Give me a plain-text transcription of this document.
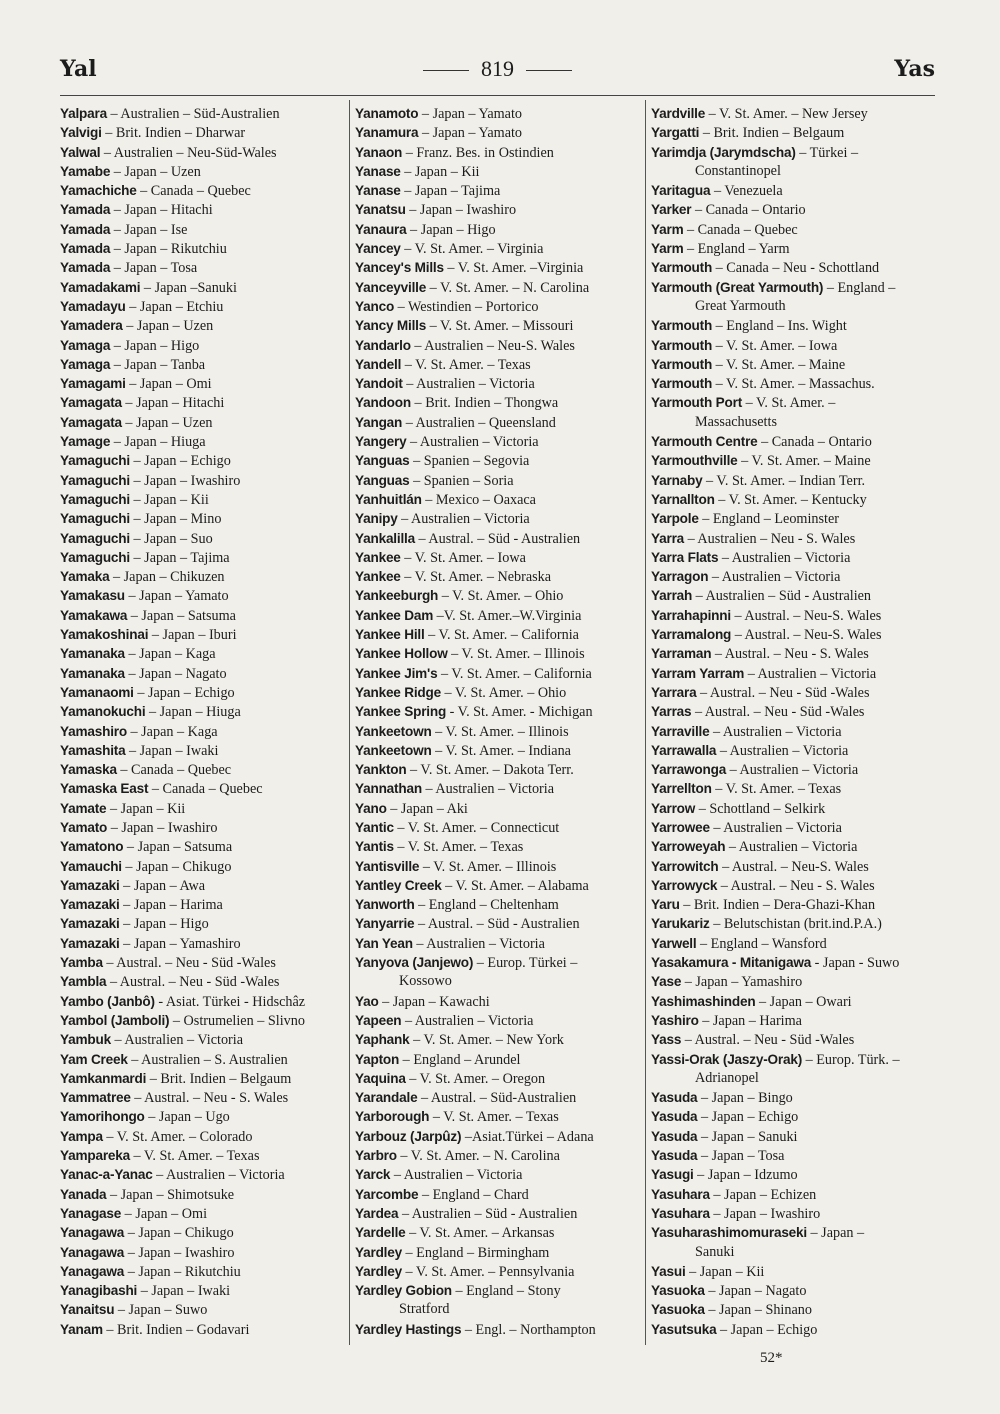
Yal	819	Yas
Yalpara – Australien – Süd-Australien
Yalvigi – Brit. Indien – Dharwar
Yalwal – Australien – Neu-Süd-Wales
Yamabe – Japan – Uzen
Yamachiche – Canada – Quebec
Yamada – Japan – Hitachi
Yamada – Japan – Ise
Yamada – Japan – Rikutchiu
Yamada – Japan – Tosa
Yamadakami – Japan –Sanuki
Yamadayu – Japan – Etchiu
Yamadera – Japan – Uzen
Yamaga – Japan – Higo
Yamaga – Japan – Tanba
Yamagami – Japan – Omi
Yamagata – Japan – Hitachi
Yamagata – Japan – Uzen
Yamage – Japan – Hiuga
Yamaguchi – Japan – Echigo
Yamaguchi – Japan – Iwashiro
Yamaguchi – Japan – Kii
Yamaguchi – Japan – Mino
Yamaguchi – Japan – Suo
Yamaguchi – Japan – Tajima
Yamaka – Japan – Chikuzen
Yamakasu – Japan – Yamato
Yamakawa – Japan – Satsuma
Yamakoshinai – Japan – Iburi
Yamanaka – Japan – Kaga
Yamanaka – Japan – Nagato
Yamanaomi – Japan – Echigo
Yamanokuchi – Japan – Hiuga
Yamashiro – Japan – Kaga
Yamashita – Japan – Iwaki
Yamaska – Canada – Quebec
Yamaska East – Canada – Quebec
Yamate – Japan – Kii
Yamato – Japan – Iwashiro
Yamatono – Japan – Satsuma
Yamauchi – Japan – Chikugo
Yamazaki – Japan – Awa
Yamazaki – Japan – Harima
Yamazaki – Japan – Higo
Yamazaki – Japan – Yamashiro
Yamba – Austral. – Neu - Süd -Wales
Yambla – Austral. – Neu - Süd -Wales
Yambo (Janbô) - Asiat. Türkei - Hidschâz
Yambol (Jamboli) – Ostrumelien – Slivno
Yambuk – Australien – Victoria
Yam Creek – Australien – S. Australien
Yamkanmardi – Brit. Indien – Belgaum
Yammatree – Austral. – Neu - S. Wales
Yamorihongo – Japan – Ugo
Yampa – V. St. Amer. – Colorado
Yampareka – V. St. Amer. – Texas
Yanac-a-Yanac – Australien – Victoria
Yanada – Japan – Shimotsuke
Yanagase – Japan – Omi
Yanagawa – Japan – Chikugo
Yanagawa – Japan – Iwashiro
Yanagawa – Japan – Rikutchiu
Yanagibashi – Japan – Iwaki
Yanaitsu – Japan – Suwo
Yanam – Brit. Indien – Godavari
Yanamoto – Japan – Yamato
Yanamura – Japan – Yamato
Yanaon – Franz. Bes. in Ostindien
Yanase – Japan – Kii
Yanase – Japan – Tajima
Yanatsu – Japan – Iwashiro
Yanaura – Japan – Higo
Yancey – V. St. Amer. – Virginia
Yancey's Mills – V. St. Amer. –Virginia
Yanceyville – V. St. Amer. – N. Carolina
Yanco – Westindien – Portorico
Yancy Mills – V. St. Amer. – Missouri
Yandarlo – Australien – Neu-S. Wales
Yandell – V. St. Amer. – Texas
Yandoit – Australien – Victoria
Yandoon – Brit. Indien – Thongwa
Yangan – Australien – Queensland
Yangery – Australien – Victoria
Yanguas – Spanien – Segovia
Yanguas – Spanien – Soria
Yanhuitlán – Mexico – Oaxaca
Yanipy – Australien – Victoria
Yankalilla – Austral. – Süd - Australien
Yankee – V. St. Amer. – Iowa
Yankee – V. St. Amer. – Nebraska
Yankeeburgh – V. St. Amer. – Ohio
Yankee Dam –V. St. Amer.–W.Virginia
Yankee Hill – V. St. Amer. – California
Yankee Hollow – V. St. Amer. – Illinois
Yankee Jim's – V. St. Amer. – California
Yankee Ridge – V. St. Amer. – Ohio
Yankee Spring - V. St. Amer. - Michigan
Yankeetown – V. St. Amer. – Illinois
Yankeetown – V. St. Amer. – Indiana
Yankton – V. St. Amer. – Dakota Terr.
Yannathan – Australien – Victoria
Yano – Japan – Aki
Yantic – V. St. Amer. – Connecticut
Yantis – V. St. Amer. – Texas
Yantisville – V. St. Amer. – Illinois
Yantley Creek – V. St. Amer. – Alabama
Yanworth – England – Cheltenham
Yanyarrie – Austral. – Süd - Australien
Yan Yean – Australien – Victoria
Yanyova (Janjewo) – Europ. Türkei –
Kossowo
Yao – Japan – Kawachi
Yapeen – Australien – Victoria
Yaphank – V. St. Amer. – New York
Yapton – England – Arundel
Yaquina – V. St. Amer. – Oregon
Yarandale – Austral. – Süd-Australien
Yarborough – V. St. Amer. – Texas
Yarbouz (Jarpûz) –Asiat.Türkei – Adana
Yarbro – V. St. Amer. – N. Carolina
Yarck – Australien – Victoria
Yarcombe – England – Chard
Yardea – Australien – Süd - Australien
Yardelle – V. St. Amer. – Arkansas
Yardley – England – Birmingham
Yardley – V. St. Amer. – Pennsylvania
Yardley Gobion – England – Stony
Stratford
Yardley Hastings – Engl. – Northampton
Yardville – V. St. Amer. – New Jersey
Yargatti – Brit. Indien – Belgaum
Yarimdja (Jarymdscha) – Türkei –
Constantinopel
Yaritagua – Venezuela
Yarker – Canada – Ontario
Yarm – Canada – Quebec
Yarm – England – Yarm
Yarmouth – Canada – Neu - Schottland
Yarmouth (Great Yarmouth) – England –
Great Yarmouth
Yarmouth – England – Ins. Wight
Yarmouth – V. St. Amer. – Iowa
Yarmouth – V. St. Amer. – Maine
Yarmouth – V. St. Amer. – Massachus.
Yarmouth Port – V. St. Amer. –
Massachusetts
Yarmouth Centre – Canada – Ontario
Yarmouthville – V. St. Amer. – Maine
Yarnaby – V. St. Amer. – Indian Terr.
Yarnallton – V. St. Amer. – Kentucky
Yarpole – England – Leominster
Yarra – Australien – Neu - S. Wales
Yarra Flats – Australien – Victoria
Yarragon – Australien – Victoria
Yarrah – Australien – Süd - Australien
Yarrahapinni – Austral. – Neu-S. Wales
Yarramalong – Austral. – Neu-S. Wales
Yarraman – Austral. – Neu - S. Wales
Yarram Yarram – Australien – Victoria
Yarrara – Austral. – Neu - Süd -Wales
Yarras – Austral. – Neu - Süd -Wales
Yarraville – Australien – Victoria
Yarrawalla – Australien – Victoria
Yarrawonga – Australien – Victoria
Yarrellton – V. St. Amer. – Texas
Yarrow – Schottland – Selkirk
Yarrowee – Australien – Victoria
Yarroweyah – Australien – Victoria
Yarrowitch – Austral. – Neu-S. Wales
Yarrowyck – Austral. – Neu - S. Wales
Yaru – Brit. Indien – Dera-Ghazi-Khan
Yarukariz – Belutschistan (brit.ind.P.A.)
Yarwell – England – Wansford
Yasakamura - Mitanigawa - Japan - Suwo
Yase – Japan – Yamashiro
Yashimashinden – Japan – Owari
Yashiro – Japan – Harima
Yass – Austral. – Neu - Süd -Wales
Yassi-Orak (Jaszy-Orak) – Europ. Türk. –
Adrianopel
Yasuda – Japan – Bingo
Yasuda – Japan – Echigo
Yasuda – Japan – Sanuki
Yasuda – Japan – Tosa
Yasugi – Japan – Idzumo
Yasuhara – Japan – Echizen
Yasuhara – Japan – Iwashiro
Yasuharashimomuraseki – Japan –
Sanuki
Yasui – Japan – Kii
Yasuoka – Japan – Nagato
Yasuoka – Japan – Shinano
Yasutsuka – Japan – Echigo
52*
